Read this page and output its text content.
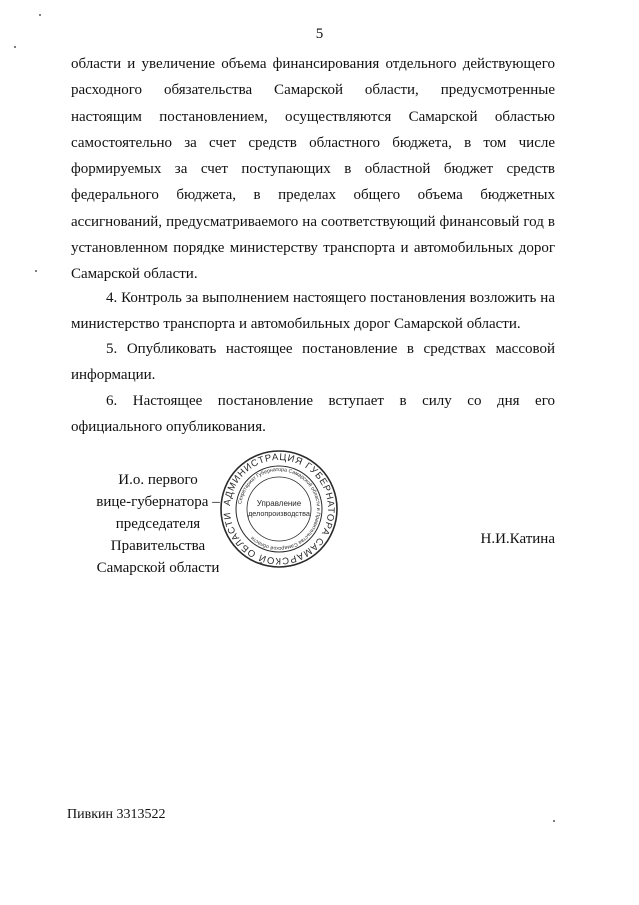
5

области и увеличение объема финансирования отдельного действующего расходного обязательства Самарской области, предусмотренные настоящим постановлением, осуществляются Самарской областью самостоятельно за счет средств областного бюджета, в том числе формируемых за счет поступающих в областной бюджет средств федерального бюджета, в пределах общего объема бюджетных ассигнований, предусматриваемого на соответствующий финансовый год в установленном порядке министерству транспорта и автомобильных дорог Самарской области.

4. Контроль за выполнением настоящего постановления возложить на министерство транспорта и автомобильных дорог Самарской области.

5. Опубликовать настоящее постановление в средствах массовой информации.

6. Настоящее постановление вступает в силу со дня его официального опубликования.

И.о. первого
вице-губернатора –
председателя Правительства
Самарской области
Н.И.Катина
АДМИНИСТРАЦИЯ ГУБЕРНАТОРА САМАРСКОЙ ОБЛАСТИ
Секретариат Губернатора Самарской области и Правительства Самарской области
Управление
делопроизводства
Пивкин 3313522
